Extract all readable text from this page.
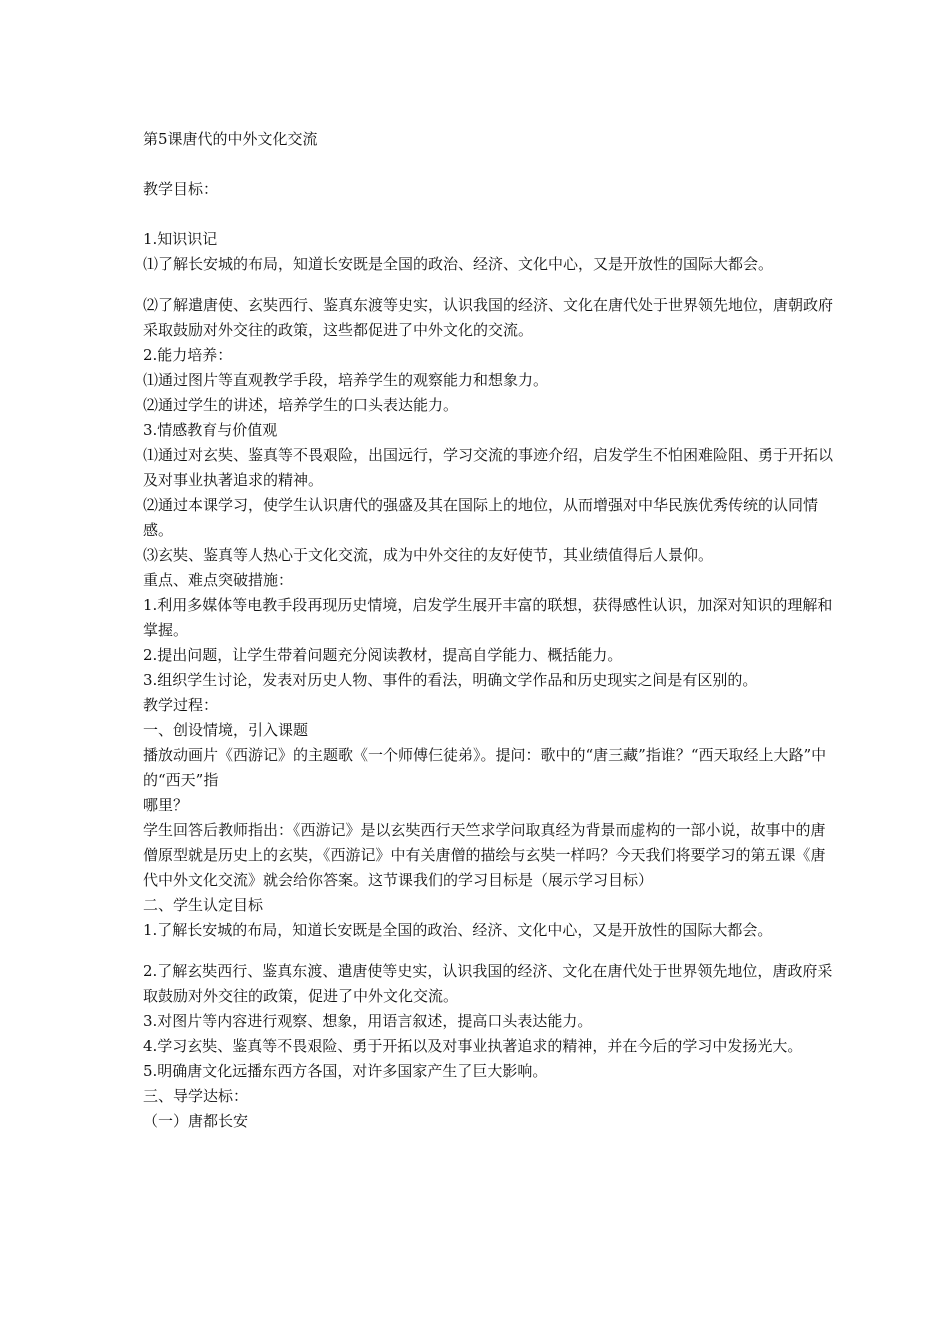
第5课唐代的中外文化交流
教学目标：
1.知识识记
⑴了解长安城的布局，知道长安既是全国的政治、经济、文化中心，又是开放性的国际大都会。
⑵了解遣唐使、玄奘西行、鉴真东渡等史实，认识我国的经济、文化在唐代处于世界领先地位，唐朝政府采取鼓励对外交往的政策，这些都促进了中外文化的交流。
2.能力培养：
⑴通过图片等直观教学手段，培养学生的观察能力和想象力。
⑵通过学生的讲述，培养学生的口头表达能力。
3.情感教育与价值观
⑴通过对玄奘、鉴真等不畏艰险，出国远行，学习交流的事迹介绍，启发学生不怕困难险阻、勇于开拓以及对事业执著追求的精神。
⑵通过本课学习，使学生认识唐代的强盛及其在国际上的地位，从而增强对中华民族优秀传统的认同情感。
⑶玄奘、鉴真等人热心于文化交流，成为中外交往的友好使节，其业绩值得后人景仰。
重点、难点突破措施：
1.利用多媒体等电教手段再现历史情境，启发学生展开丰富的联想，获得感性认识，加深对知识的理解和掌握。
2.提出问题，让学生带着问题充分阅读教材，提高自学能力、概括能力。
3.组织学生讨论，发表对历史人物、事件的看法，明确文学作品和历史现实之间是有区别的。
教学过程：
一、创设情境，引入课题
播放动画片《西游记》的主题歌《一个师傅仨徒弟》。提问：歌中的“唐三藏”指谁？“西天取经上大路”中的“西天”指
哪里？
学生回答后教师指出：《西游记》是以玄奘西行天竺求学问取真经为背景而虚构的一部小说，故事中的唐僧原型就是历史上的玄奘，《西游记》中有关唐僧的描绘与玄奘一样吗？今天我们将要学习的第五课《唐代中外文化交流》就会给你答案。这节课我们的学习目标是（展示学习目标）
二、学生认定目标
1.了解长安城的布局，知道长安既是全国的政治、经济、文化中心，又是开放性的国际大都会。
2.了解玄奘西行、鉴真东渡、遣唐使等史实，认识我国的经济、文化在唐代处于世界领先地位，唐政府采取鼓励对外交往的政策，促进了中外文化交流。
3.对图片等内容进行观察、想象，用语言叙述，提高口头表达能力。
4.学习玄奘、鉴真等不畏艰险、勇于开拓以及对事业执著追求的精神，并在今后的学习中发扬光大。
5.明确唐文化远播东西方各国，对许多国家产生了巨大影响。
三、导学达标：
（一）唐都长安
